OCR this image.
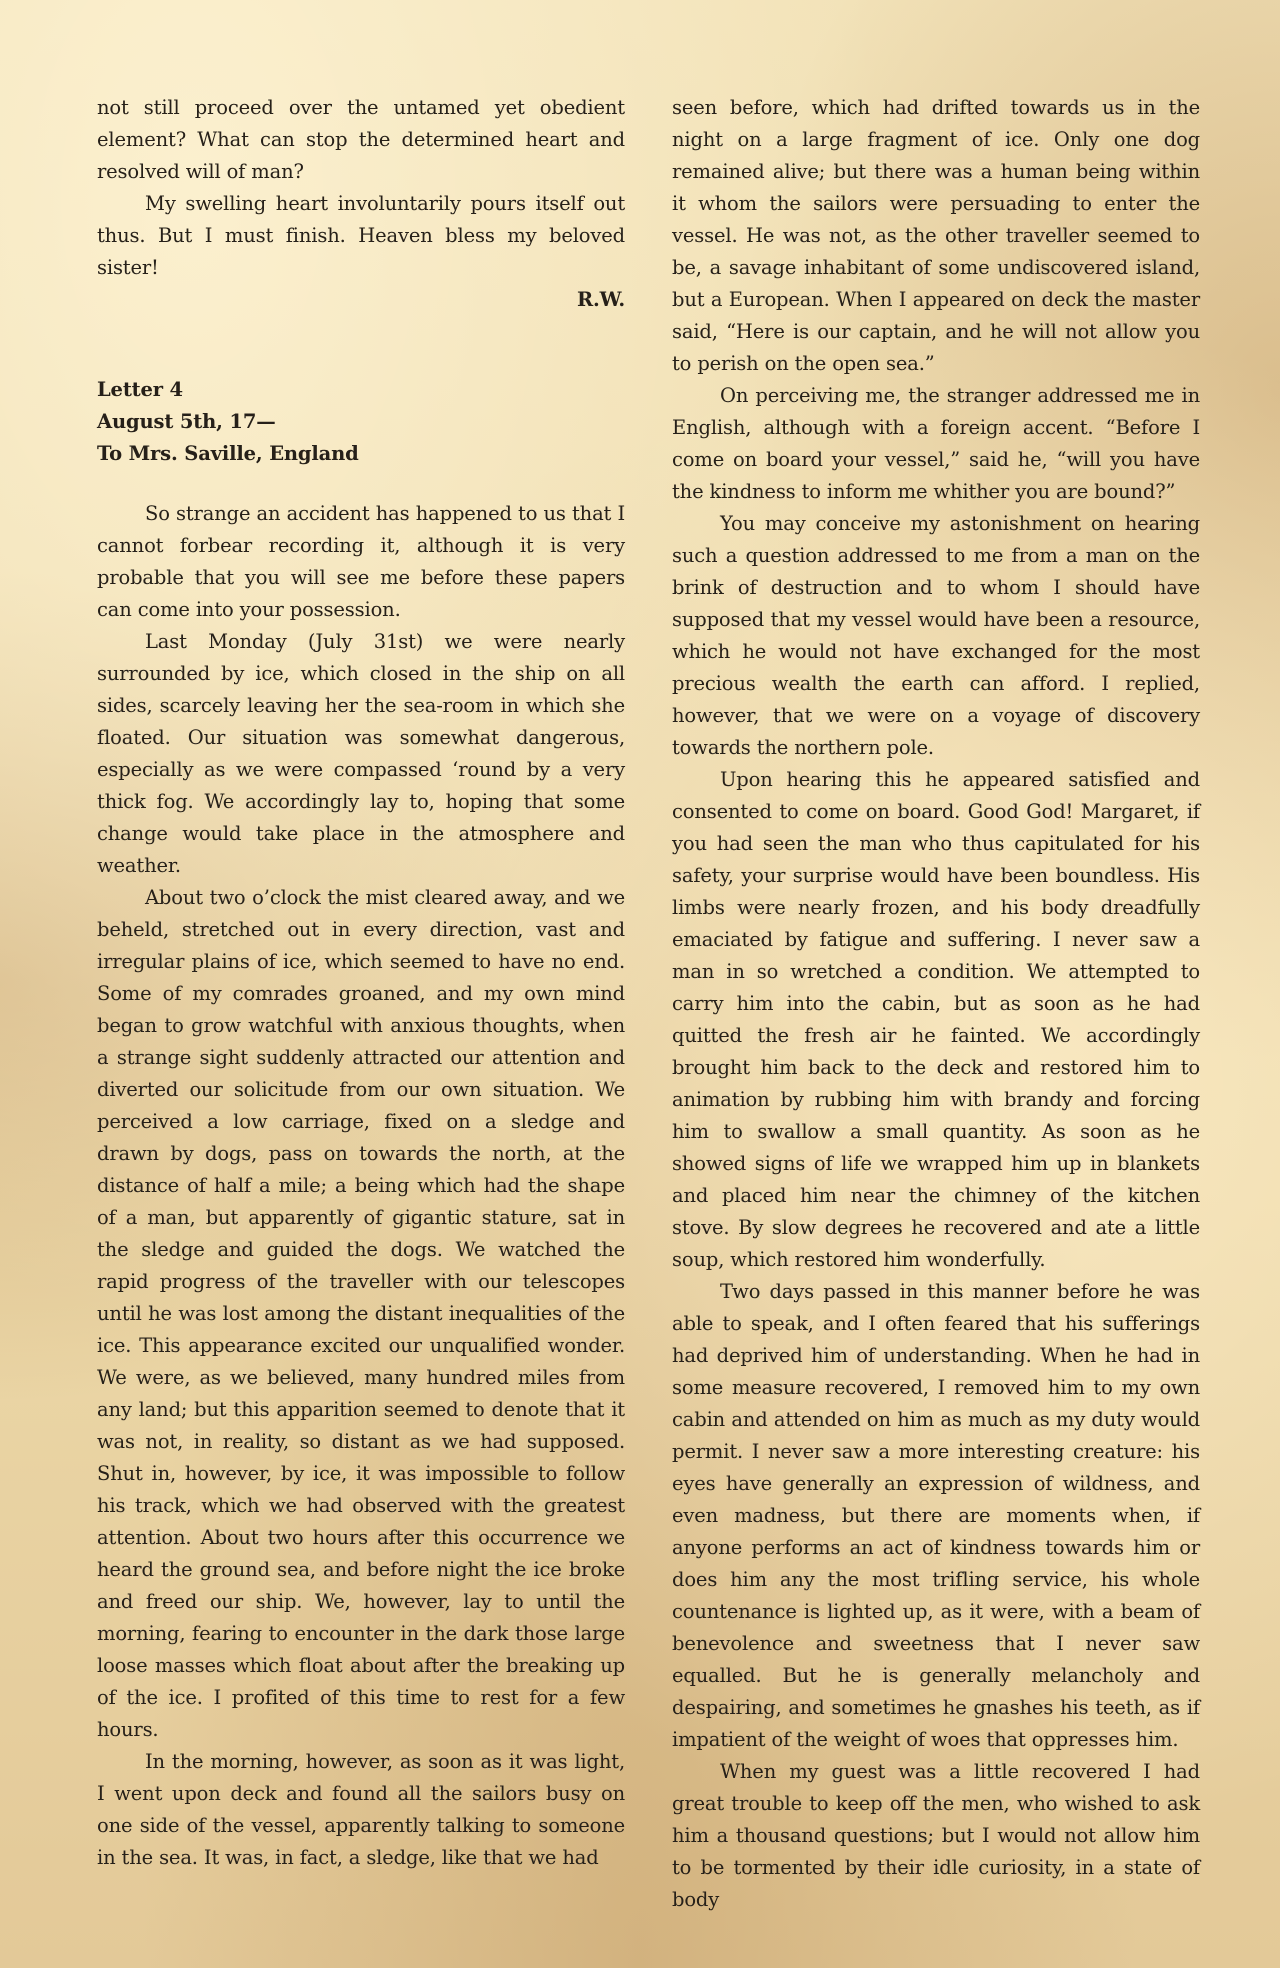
not still proceed over the untamed yet obedient element? What can stop the determined heart and resolved will of man?

My swelling heart involuntarily pours itself out thus. But I must finish. Heaven bless my beloved sister!

R.W.

Letter 4
August 5th, 17—
To Mrs. Saville, England

So strange an accident has happened to us that I cannot forbear recording it, although it is very probable that you will see me before these papers can come into your possession.

Last Monday (July 31st) we were nearly surrounded by ice, which closed in the ship on all sides, scarcely leaving her the sea-room in which she floated. Our situation was somewhat dangerous, especially as we were compassed ‘round by a very thick fog. We accordingly lay to, hoping that some change would take place in the atmosphere and weather.

About two o’clock the mist cleared away, and we beheld, stretched out in every direction, vast and irregular plains of ice, which seemed to have no end. Some of my comrades groaned, and my own mind began to grow watchful with anxious thoughts, when a strange sight suddenly attracted our attention and diverted our solicitude from our own situation. We perceived a low carriage, fixed on a sledge and drawn by dogs, pass on towards the north, at the distance of half a mile; a being which had the shape of a man, but apparently of gigantic stature, sat in the sledge and guided the dogs. We watched the rapid progress of the traveller with our telescopes until he was lost among the distant inequalities of the ice. This appearance excited our unqualified wonder. We were, as we believed, many hundred miles from any land; but this apparition seemed to denote that it was not, in reality, so distant as we had supposed. Shut in, however, by ice, it was impossible to follow his track, which we had observed with the greatest attention. About two hours after this occurrence we heard the ground sea, and before night the ice broke and freed our ship. We, however, lay to until the morning, fearing to encounter in the dark those large loose masses which float about after the breaking up of the ice. I profited of this time to rest for a few hours.

In the morning, however, as soon as it was light, I went upon deck and found all the sailors busy on one side of the vessel, apparently talking to someone in the sea. It was, in fact, a sledge, like that we had

seen before, which had drifted towards us in the night on a large fragment of ice. Only one dog remained alive; but there was a human being within it whom the sailors were persuading to enter the vessel. He was not, as the other traveller seemed to be, a savage inhabitant of some undiscovered island, but a European. When I appeared on deck the master said, “Here is our captain, and he will not allow you to perish on the open sea.”

On perceiving me, the stranger addressed me in English, although with a foreign accent. “Before I come on board your vessel,” said he, “will you have the kindness to inform me whither you are bound?”

You may conceive my astonishment on hearing such a question addressed to me from a man on the brink of destruction and to whom I should have supposed that my vessel would have been a resource, which he would not have exchanged for the most precious wealth the earth can afford. I replied, however, that we were on a voyage of discovery towards the northern pole.

Upon hearing this he appeared satisfied and consented to come on board. Good God! Margaret, if you had seen the man who thus capitulated for his safety, your surprise would have been boundless. His limbs were nearly frozen, and his body dreadfully emaciated by fatigue and suffering. I never saw a man in so wretched a condition. We attempted to carry him into the cabin, but as soon as he had quitted the fresh air he fainted. We accordingly brought him back to the deck and restored him to animation by rubbing him with brandy and forcing him to swallow a small quantity. As soon as he showed signs of life we wrapped him up in blankets and placed him near the chimney of the kitchen stove. By slow degrees he recovered and ate a little soup, which restored him wonderfully.

Two days passed in this manner before he was able to speak, and I often feared that his sufferings had deprived him of understanding. When he had in some measure recovered, I removed him to my own cabin and attended on him as much as my duty would permit. I never saw a more interesting creature: his eyes have generally an expression of wildness, and even madness, but there are moments when, if anyone performs an act of kindness towards him or does him any the most trifling service, his whole countenance is lighted up, as it were, with a beam of benevolence and sweetness that I never saw equalled. But he is generally melancholy and despairing, and sometimes he gnashes his teeth, as if impatient of the weight of woes that oppresses him.

When my guest was a little recovered I had great trouble to keep off the men, who wished to ask him a thousand questions; but I would not allow him to be tormented by their idle curiosity, in a state of body
